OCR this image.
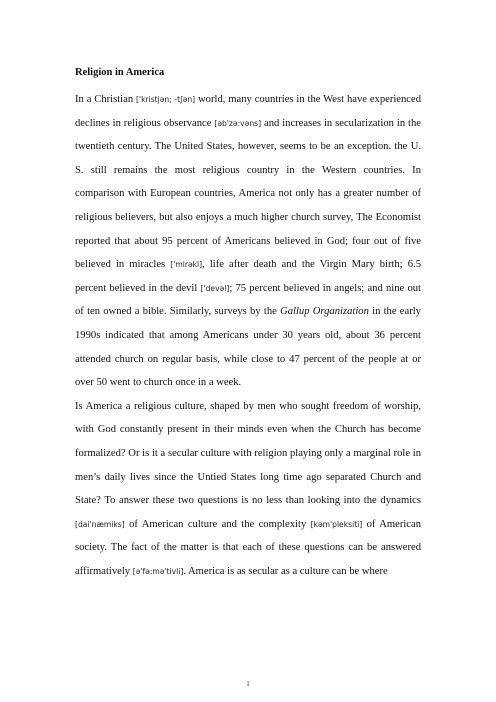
Religion in America

In a Christian ['kristjən; -tʃən] world, many countries in the West have experienced declines in religious observance [əb'zə:vəns] and increases in secularization in the twentieth century. The United States, however, seems to be an exception. the U. S. still remains the most religious country in the Western countries. In comparison with European countries, America not only has a greater number of religious believers, but also enjoys a much higher church survey, The Economist reported that about 95 percent of Americans believed in God; four out of five believed in miracles ['mirəkl], life after death and the Virgin Mary birth; 6.5 percent believed in the devil ['devəl]; 75 percent believed in angels; and nine out of ten owned a bible. Similarly, surveys by the Gallup Organization in the early 1990s indicated that among Americans under 30 years old, about 36 percent attended church on regular basis, while close to 47 percent of the people at or over 50 went to church once in a week.

Is America a religious culture, shaped by men who sought freedom of worship, with God constantly present in their minds even when the Church has become formalized? Or is it a secular culture with religion playing only a marginal role in men’s daily lives since the Untied States long time ago separated Church and State? To answer these two questions is no less than looking into the dynamics [dai'næmiks] of American culture and the complexity [kəm'pleksiti] of American society. The fact of the matter is that each of these questions can be answered affirmatively [ə'fə:mə'tivli]. America is as secular as a culture can be where

1
